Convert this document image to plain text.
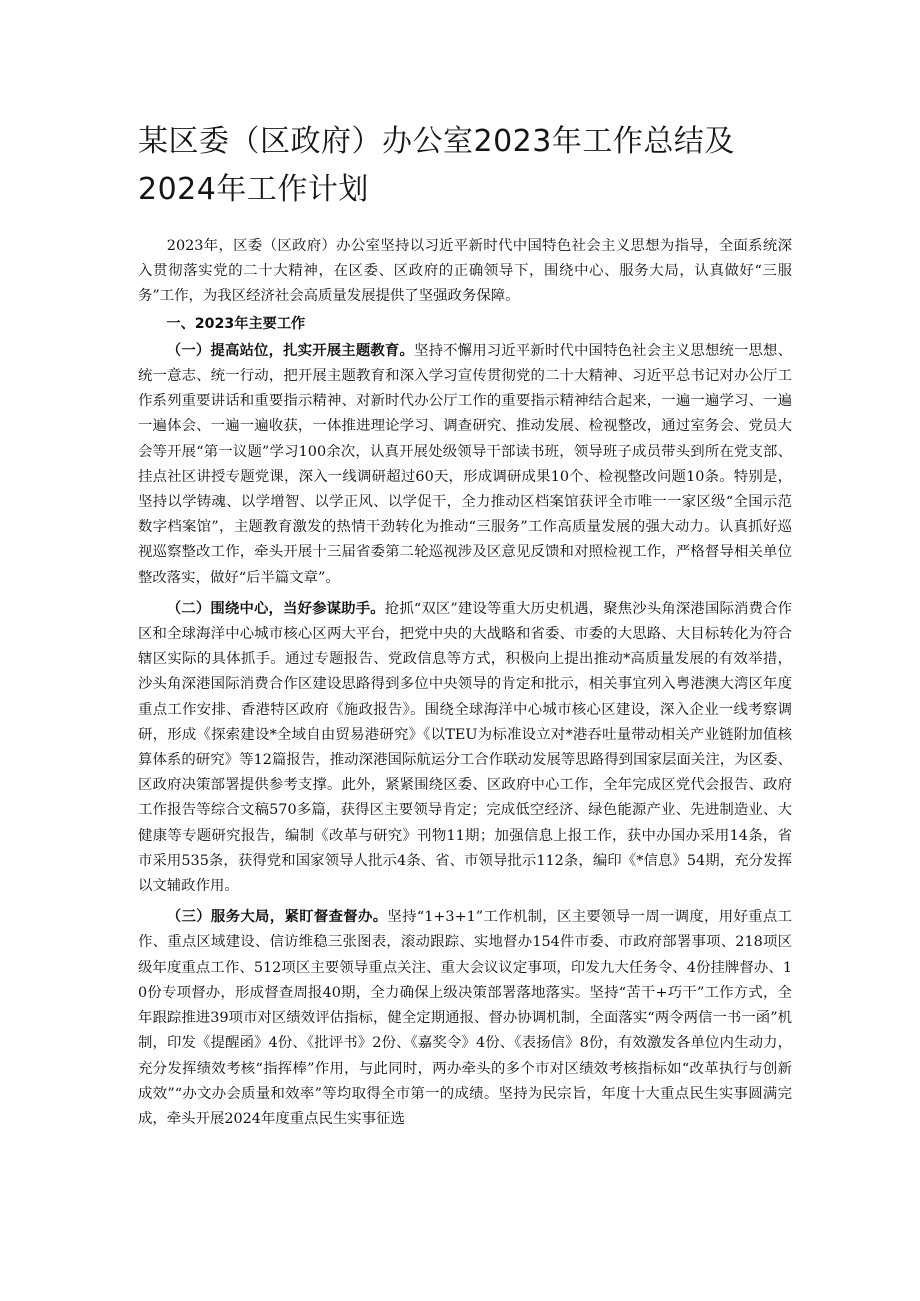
某区委（区政府）办公室2023年工作总结及2024年工作计划

2023年，区委（区政府）办公室坚持以习近平新时代中国特色社会主义思想为指导，全面系统深入贯彻落实党的二十大精神，在区委、区政府的正确领导下，围绕中心、服务大局，认真做好“三服务”工作，为我区经济社会高质量发展提供了坚强政务保障。

一、2023年主要工作

（一）提高站位，扎实开展主题教育。坚持不懈用习近平新时代中国特色社会主义思想统一思想、统一意志、统一行动，把开展主题教育和深入学习宣传贯彻党的二十大精神、习近平总书记对办公厅工作系列重要讲话和重要指示精神、对新时代办公厅工作的重要指示精神结合起来，一遍一遍学习、一遍一遍体会、一遍一遍收获，一体推进理论学习、调查研究、推动发展、检视整改，通过室务会、党员大会等开展“第一议题”学习100余次，认真开展处级领导干部读书班，领导班子成员带头到所在党支部、挂点社区讲授专题党课，深入一线调研超过60天，形成调研成果10个、检视整改问题10条。特别是，坚持以学铸魂、以学增智、以学正风、以学促干，全力推动区档案馆获评全市唯一一家区级“全国示范数字档案馆”，主题教育激发的热情干劲转化为推动“三服务”工作高质量发展的强大动力。认真抓好巡视巡察整改工作，牵头开展十三届省委第二轮巡视涉及区意见反馈和对照检视工作，严格督导相关单位整改落实，做好“后半篇文章”。

（二）围绕中心，当好参谋助手。抢抓“双区”建设等重大历史机遇，聚焦沙头角深港国际消费合作区和全球海洋中心城市核心区两大平台，把党中央的大战略和省委、市委的大思路、大目标转化为符合辖区实际的具体抓手。通过专题报告、党政信息等方式，积极向上提出推动*高质量发展的有效举措，沙头角深港国际消费合作区建设思路得到多位中央领导的肯定和批示，相关事宜列入粤港澳大湾区年度重点工作安排、香港特区政府《施政报告》。围绕全球海洋中心城市核心区建设，深入企业一线考察调研，形成《探索建设*全域自由贸易港研究》《以TEU为标准设立对*港吞吐量带动相关产业链附加值核算体系的研究》等12篇报告，推动深港国际航运分工合作联动发展等思路得到国家层面关注，为区委、区政府决策部署提供参考支撑。此外，紧紧围绕区委、区政府中心工作，全年完成区党代会报告、政府工作报告等综合文稿570多篇，获得区主要领导肯定；完成低空经济、绿色能源产业、先进制造业、大健康等专题研究报告，编制《改革与研究》刊物11期；加强信息上报工作，获中办国办采用14条，省市采用535条，获得党和国家领导人批示4条、省、市领导批示112条，编印《*信息》54期，充分发挥以文辅政作用。

（三）服务大局，紧盯督查督办。坚持“1+3+1”工作机制，区主要领导一周一调度，用好重点工作、重点区域建设、信访维稳三张图表，滚动跟踪、实地督办154件市委、市政府部署事项、218项区级年度重点工作、512项区主要领导重点关注、重大会议议定事项，印发九大任务令、4份挂牌督办、10份专项督办，形成督查周报40期，全力确保上级决策部署落地落实。坚持“苦干+巧干”工作方式，全年跟踪推进39项市对区绩效评估指标，健全定期通报、督办协调机制，全面落实“两令两信一书一函”机制，印发《提醒函》4份、《批评书》2份、《嘉奖令》4份、《表扬信》8份，有效激发各单位内生动力，充分发挥绩效考核“指挥棒”作用，与此同时，两办牵头的多个市对区绩效考核指标如“改革执行与创新成效”“办文办会质量和效率”等均取得全市第一的成绩。坚持为民宗旨，年度十大重点民生实事圆满完成，牵头开展2024年度重点民生实事征选
